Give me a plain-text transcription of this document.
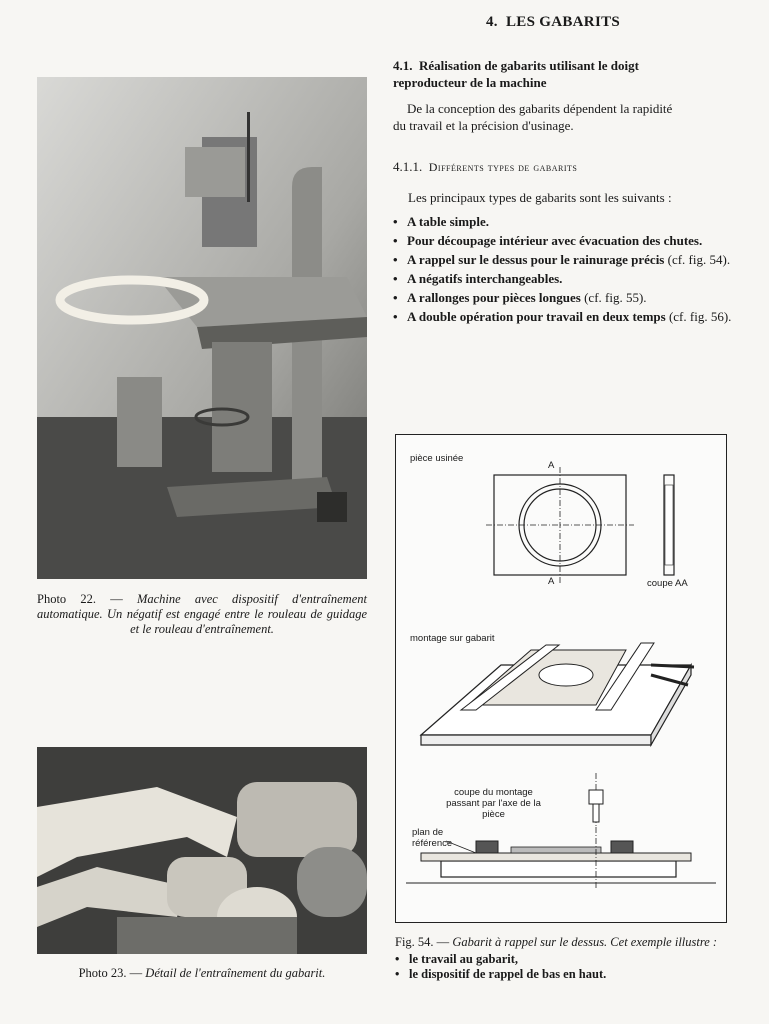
Photo 22. — Machine avec dispositif d'entraînement automatique. Un négatif est engagé entre le rouleau de guidage et le rouleau d'entraînement.
Photo 23. — Détail de l'entraînement du gabarit.
4. LES GABARITS
4.1. Réalisation de gabarits utilisant le doigt
reproducteur de la machine
De la conception des gabarits dépendent la rapidité
du travail et la précision d'usinage.
4.1.1. Différents types de gabarits
Les principaux types de gabarits sont les suivants :
• A table simple.
• Pour découpage intérieur avec évacuation des chutes.
• A rappel sur le dessus pour le rainurage précis (cf. fig. 54).
• A négatifs interchangeables.
• A rallonges pour pièces longues (cf. fig. 55).
• A double opération pour travail en deux temps (cf. fig. 56).
pièce usinée
A
A	coupe AA
montage sur gabarit
coupe du montage
passant par l'axe de la pièce
plan de
référence
Fig. 54. — Gabarit à rappel sur le dessus. Cet exemple illustre :
• le travail au gabarit,
• le dispositif de rappel de bas en haut.
